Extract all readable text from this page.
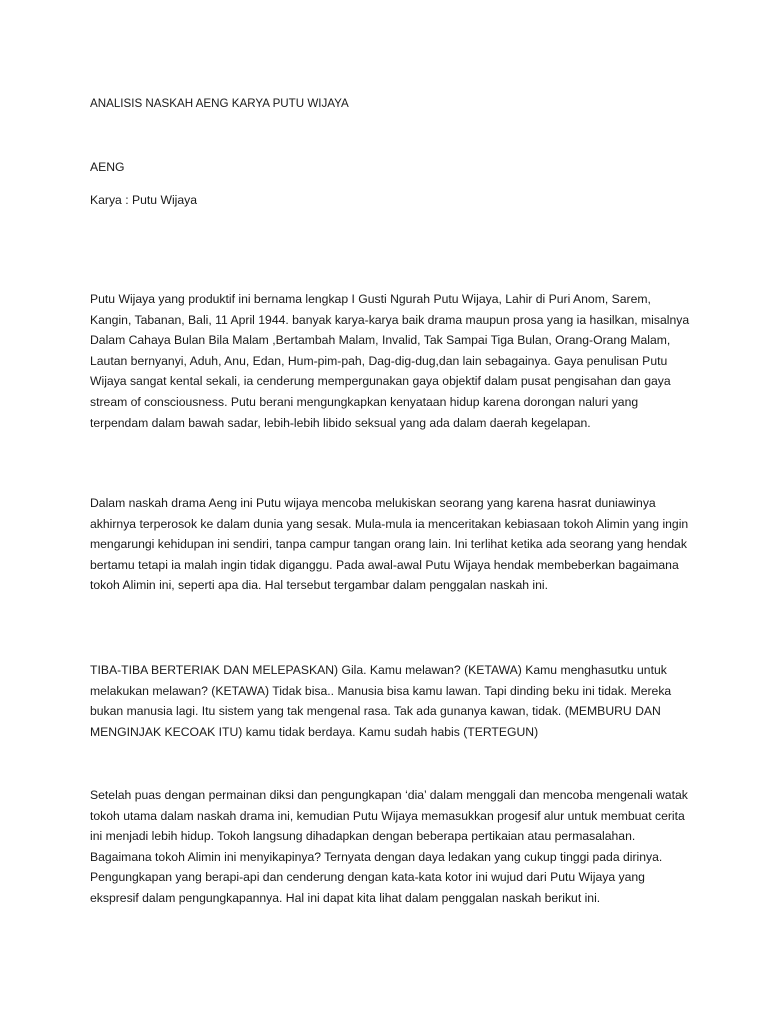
ANALISIS NASKAH AENG KARYA PUTU WIJAYA

AENG

Karya : Putu Wijaya

Putu Wijaya yang produktif ini bernama lengkap I Gusti Ngurah Putu Wijaya, Lahir di Puri Anom, Sarem, Kangin, Tabanan, Bali, 11 April 1944. banyak karya-karya baik drama maupun prosa yang ia hasilkan, misalnya Dalam Cahaya Bulan Bila Malam ,Bertambah Malam, Invalid, Tak Sampai Tiga Bulan, Orang-Orang Malam, Lautan bernyanyi, Aduh, Anu, Edan, Hum-pim-pah, Dag-dig-dug,dan lain sebagainya. Gaya penulisan Putu Wijaya sangat kental sekali, ia cenderung mempergunakan gaya objektif dalam pusat pengisahan dan gaya stream of consciousness. Putu berani mengungkapkan kenyataan hidup karena dorongan naluri yang terpendam dalam bawah sadar, lebih-lebih libido seksual yang ada dalam daerah kegelapan.

Dalam naskah drama Aeng ini Putu wijaya mencoba melukiskan seorang yang karena hasrat duniawinya akhirnya terperosok ke dalam dunia yang sesak. Mula-mula ia menceritakan kebiasaan tokoh Alimin yang ingin mengarungi kehidupan ini sendiri, tanpa campur tangan orang lain. Ini terlihat ketika ada seorang yang hendak bertamu tetapi ia malah ingin tidak diganggu. Pada awal-awal Putu Wijaya hendak membeberkan bagaimana tokoh Alimin ini, seperti apa dia. Hal tersebut tergambar dalam penggalan naskah ini.

TIBA-TIBA BERTERIAK DAN MELEPASKAN) Gila. Kamu melawan? (KETAWA) Kamu menghasutku untuk melakukan melawan? (KETAWA) Tidak bisa.. Manusia bisa kamu lawan. Tapi dinding beku ini tidak. Mereka bukan manusia lagi. Itu sistem yang tak mengenal rasa. Tak ada gunanya kawan, tidak. (MEMBURU DAN MENGINJAK KECOAK ITU) kamu tidak berdaya. Kamu sudah habis (TERTEGUN)

Setelah puas dengan permainan diksi dan pengungkapan ‘dia’ dalam menggali dan mencoba mengenali watak tokoh utama dalam naskah drama ini, kemudian Putu Wijaya memasukkan progesif alur untuk membuat cerita ini menjadi lebih hidup. Tokoh langsung dihadapkan dengan beberapa pertikaian atau permasalahan. Bagaimana tokoh Alimin ini menyikapinya? Ternyata dengan daya ledakan yang cukup tinggi pada dirinya. Pengungkapan yang berapi-api dan cenderung dengan kata-kata kotor ini wujud dari Putu Wijaya yang ekspresif dalam pengungkapannya. Hal ini dapat kita lihat dalam penggalan naskah berikut ini.
